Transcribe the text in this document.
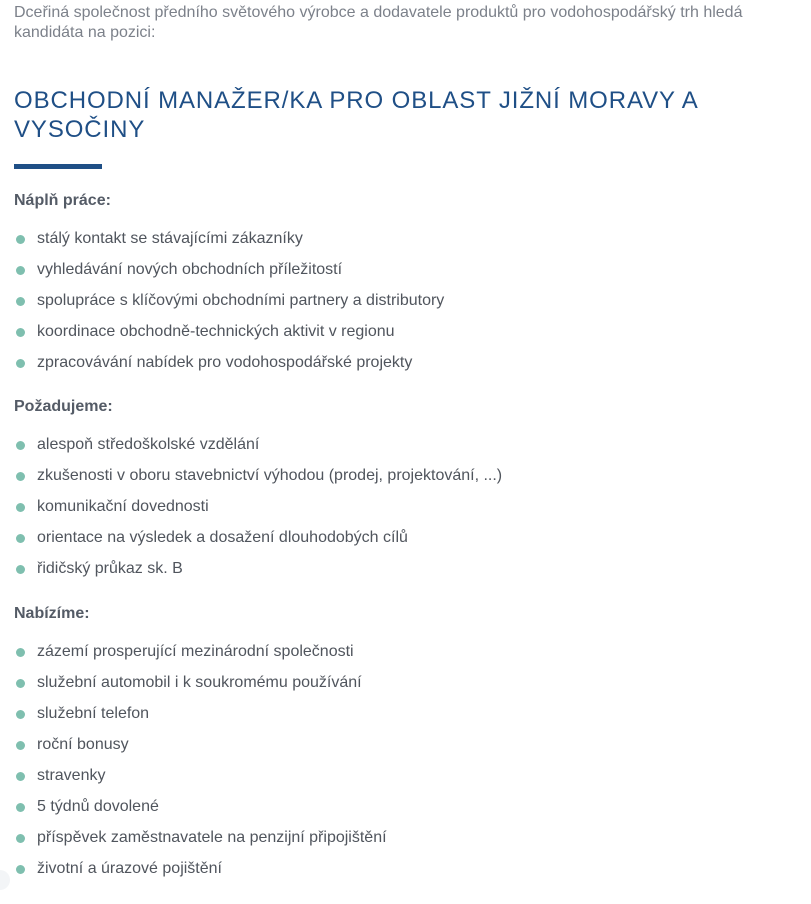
Dceřiná společnost předního světového výrobce a dodavatele produktů pro vodohospodářský trh hledá kandidáta na pozici:

OBCHODNÍ MANAŽER/KA PRO OBLAST JIŽNÍ MORAVY A VYSOČINY
Náplň práce:
stálý kontakt se stávajícími zákazníky
vyhledávání nových obchodních příležitostí
spolupráce s klíčovými obchodními partnery a distributory
koordinace obchodně-technických aktivit v regionu
zpracovávání nabídek pro vodohospodářské projekty
Požadujeme:
alespoň středoškolské vzdělání
zkušenosti v oboru stavebnictví výhodou (prodej, projektování, ...)
komunikační dovednosti
orientace na výsledek a dosažení dlouhodobých cílů
řidičský průkaz sk. B
Nabízíme:
zázemí prosperující mezinárodní společnosti
služební automobil i k soukromému používání
služební telefon
roční bonusy
stravenky
5 týdnů dovolené
příspěvek zaměstnavatele na penzijní připojištění
životní a úrazové pojištění
